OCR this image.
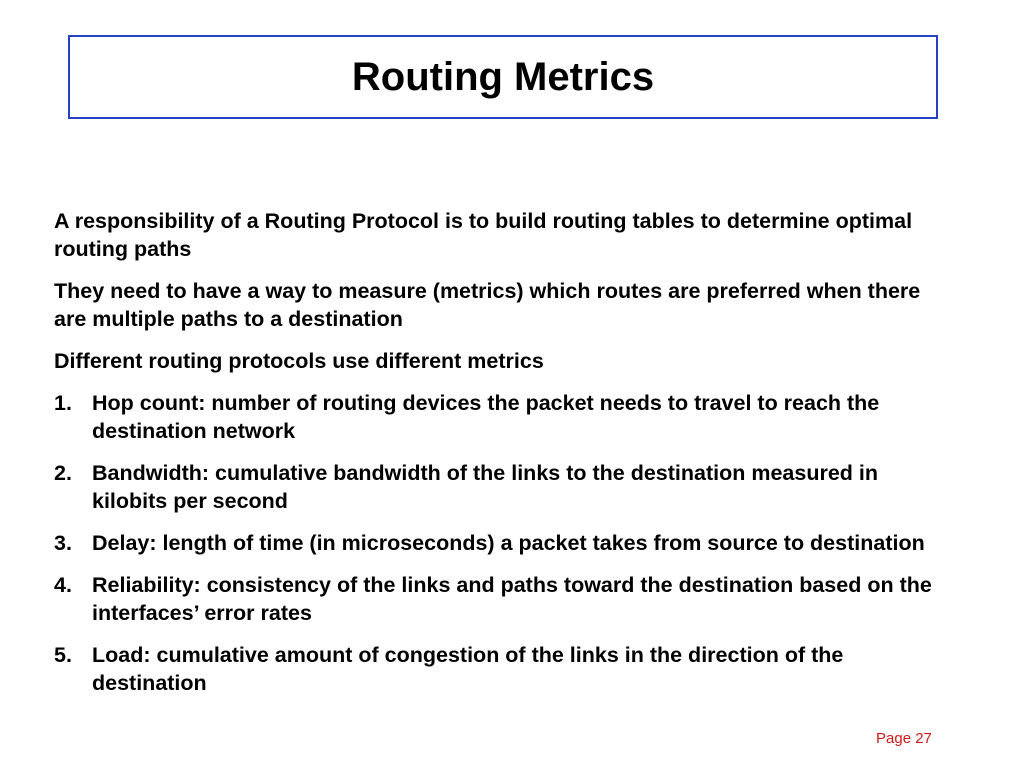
Routing Metrics

A responsibility of a Routing Protocol is to build routing tables to determine optimal routing paths

They need to have a way to measure (metrics) which routes are preferred when there are multiple paths to a destination

Different routing protocols use different metrics

1. Hop count: number of routing devices the packet needs to travel to reach the destination network
2. Bandwidth: cumulative bandwidth of the links to the destination measured in kilobits per second
3. Delay: length of time (in microseconds) a packet takes from source to destination
4. Reliability: consistency of the links and paths toward the destination based on the interfaces’ error rates
5. Load: cumulative amount of congestion of the links in the direction of the destination
Page 27
